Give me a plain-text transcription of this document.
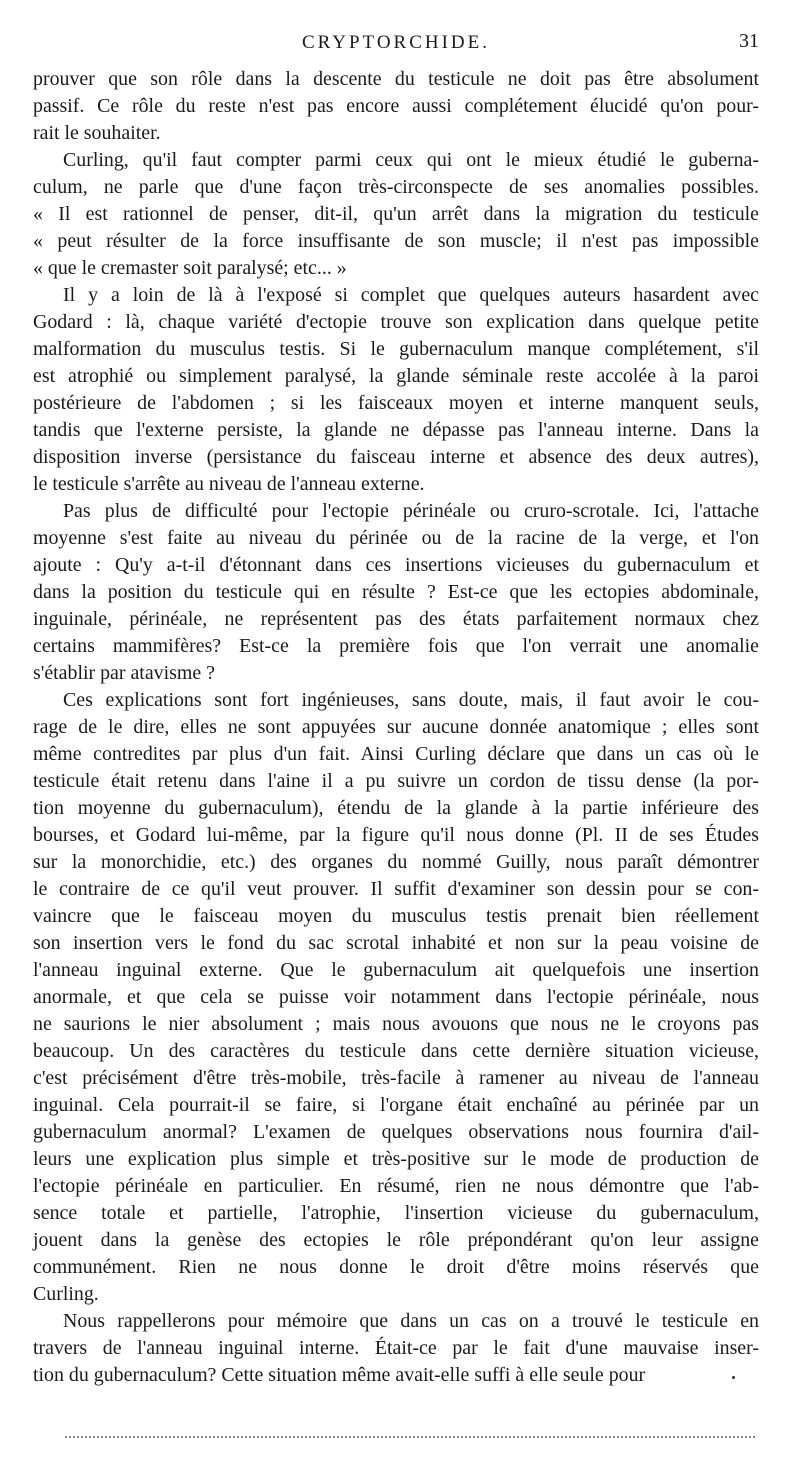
CRYPTORCHIDE.	31

prouver que son rôle dans la descente du testicule ne doit pas être absolument
passif. Ce rôle du reste n'est pas encore aussi complétement élucidé qu'on pour-
rait le souhaiter.

Curling, qu'il faut compter parmi ceux qui ont le mieux étudié le guberna-
culum, ne parle que d'une façon très-circonspecte de ses anomalies possibles.
« Il est rationnel de penser, dit-il, qu'un arrêt dans la migration du testicule
« peut résulter de la force insuffisante de son muscle; il n'est pas impossible
« que le cremaster soit paralysé; etc... »

Il y a loin de là à l'exposé si complet que quelques auteurs hasardent avec
Godard : là, chaque variété d'ectopie trouve son explication dans quelque petite
malformation du musculus testis. Si le gubernaculum manque complétement, s'il
est atrophié ou simplement paralysé, la glande séminale reste accolée à la paroi
postérieure de l'abdomen ; si les faisceaux moyen et interne manquent seuls,
tandis que l'externe persiste, la glande ne dépasse pas l'anneau interne. Dans la
disposition inverse (persistance du faisceau interne et absence des deux autres),
le testicule s'arrête au niveau de l'anneau externe.

Pas plus de difficulté pour l'ectopie périnéale ou cruro-scrotale. Ici, l'attache
moyenne s'est faite au niveau du périnée ou de la racine de la verge, et l'on
ajoute : Qu'y a-t-il d'étonnant dans ces insertions vicieuses du gubernaculum et
dans la position du testicule qui en résulte ? Est-ce que les ectopies abdominale,
inguinale, périnéale, ne représentent pas des états parfaitement normaux chez
certains mammifères? Est-ce la première fois que l'on verrait une anomalie
s'établir par atavisme ?

Ces explications sont fort ingénieuses, sans doute, mais, il faut avoir le cou-
rage de le dire, elles ne sont appuyées sur aucune donnée anatomique ; elles sont
même contredites par plus d'un fait. Ainsi Curling déclare que dans un cas où le
testicule était retenu dans l'aine il a pu suivre un cordon de tissu dense (la por-
tion moyenne du gubernaculum), étendu de la glande à la partie inférieure des
bourses, et Godard lui-même, par la figure qu'il nous donne (Pl. II de ses Études
sur la monorchidie, etc.) des organes du nommé Guilly, nous paraît démontrer
le contraire de ce qu'il veut prouver. Il suffit d'examiner son dessin pour se con-
vaincre que le faisceau moyen du musculus testis prenait bien réellement
son insertion vers le fond du sac scrotal inhabité et non sur la peau voisine de
l'anneau inguinal externe. Que le gubernaculum ait quelquefois une insertion
anormale, et que cela se puisse voir notamment dans l'ectopie périnéale, nous
ne saurions le nier absolument ; mais nous avouons que nous ne le croyons pas
beaucoup. Un des caractères du testicule dans cette dernière situation vicieuse,
c'est précisément d'être très-mobile, très-facile à ramener au niveau de l'anneau
inguinal. Cela pourrait-il se faire, si l'organe était enchaîné au périnée par un
gubernaculum anormal? L'examen de quelques observations nous fournira d'ail-
leurs une explication plus simple et très-positive sur le mode de production de
l'ectopie périnéale en particulier. En résumé, rien ne nous démontre que l'ab-
sence totale et partielle, l'atrophie, l'insertion vicieuse du gubernaculum,
jouent dans la genèse des ectopies le rôle prépondérant qu'on leur assigne
communément. Rien ne nous donne le droit d'être moins réservés que
Curling.

Nous rappellerons pour mémoire que dans un cas on a trouvé le testicule en
travers de l'anneau inguinal interne. Était-ce par le fait d'une mauvaise inser-
tion du gubernaculum? Cette situation même avait-elle suffi à elle seule pour
